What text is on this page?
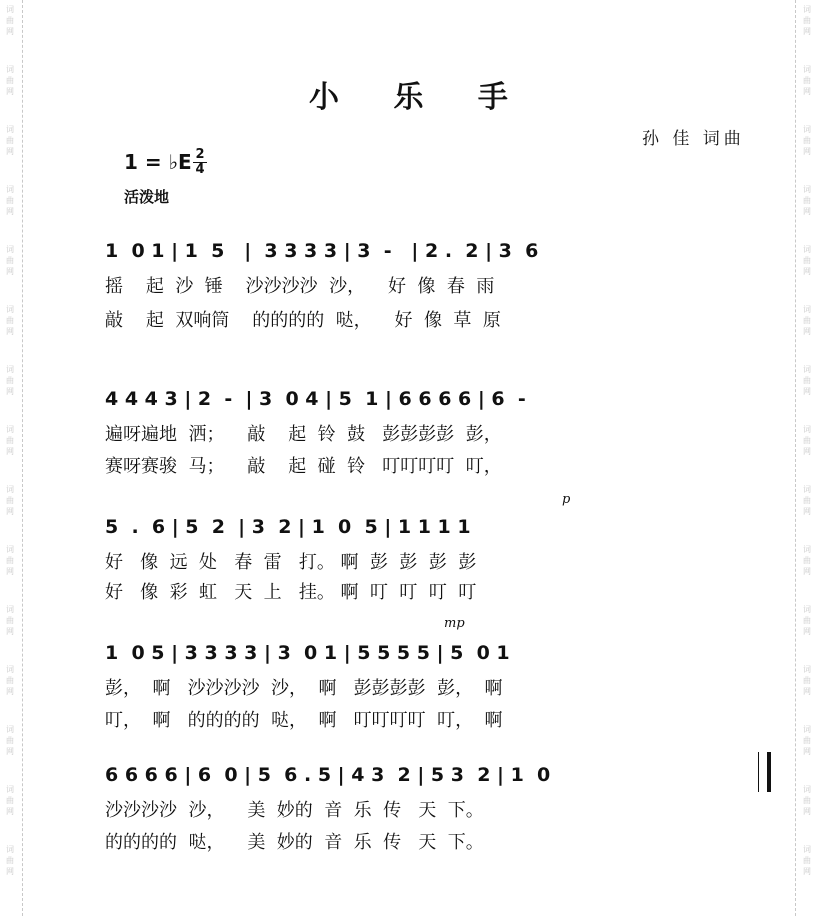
词
曲
网
词
曲
网
词
曲
网
词
曲
网
词
曲
网
词
曲
网
词
曲
网
词
曲
网
词
曲
网
词
曲
网
词
曲
网
词
曲
网
词
曲
网
词
曲
网
词
曲
网
词
曲
网
词
曲
网
词
曲
网
词
曲
网
词
曲
网
词
曲
网
词
曲
网
词
曲
网
词
曲
网
词
曲
网
词
曲
网
词
曲
网
词
曲
网
词
曲
网
词
曲
网
小 乐 手
孙 佳 词曲
1 = ♭E $\frac{2}{4}$
活泼地
1  0 1 | 1  5   |  3 3 3 3 | 3  -   | 2 .  2 | 3  6
摇    起  沙  锤    沙沙沙沙  沙，    好  像  春  雨
敲    起  双响筒    的的的的  哒，    好  像  草  原
4 4 4 3 | 2  -  | 3  0 4 | 5  1 | 6 6 6 6 | 6  -
遍呀遍地  洒；    敲    起  铃  鼓   彭彭彭彭  彭，
赛呀赛骏  马；    敲    起  碰  铃   叮叮叮叮  叮，
p
5  .  6 | 5  2  | 3  2 | 1  0  5 | 1 1 1 1
好   像  远  处   春  雷   打。 啊  彭  彭  彭  彭
好   像  彩  虹   天  上   挂。 啊  叮  叮  叮  叮
mp
1  0 5 | 3 3 3 3 | 3  0 1 | 5 5 5 5 | 5  0 1
彭，  啊   沙沙沙沙  沙，  啊   彭彭彭彭  彭，  啊
叮，  啊   的的的的  哒，  啊   叮叮叮叮  叮，  啊
6 6 6 6 | 6  0 | 5  6 . 5 | 4 3  2 | 5 3  2 | 1  0
沙沙沙沙  沙，    美  妙的  音  乐  传   天  下。
的的的的  哒，    美  妙的  音  乐  传   天  下。
